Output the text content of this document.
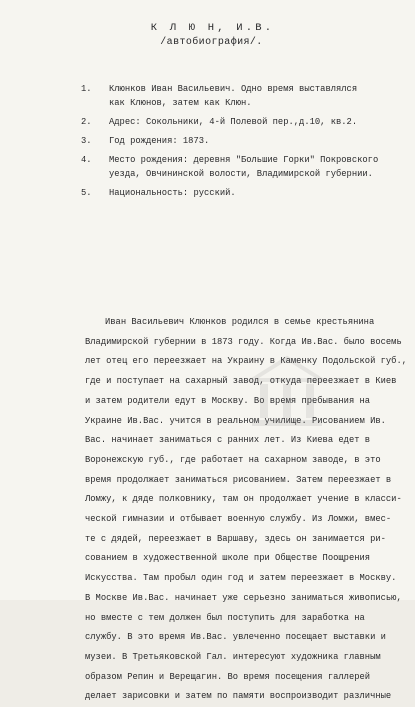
К Л Ю Н, И.В.
/автобиография/.
1. Клюнков Иван Васильевич. Одно время выставлялся
как Клюнов, затем как Клюн.
2. Адрес: Сокольники, 4-й Полевой пер.,д.10, кв.2.
3. Год рождения: 1873.
4. Место рождения: деревня "Большие Горки" Покровского
уезда, Овчининской волости, Владимирской губернии.
5. Национальность: русский.
Иван Васильевич Клюнков родился в семье крестьянина
Владимирской губернии в 1873 году. Когда Ив.Вас. было восемь
лет отец его переезжает на Украину в Каменку Подольской губ.,
где и поступает на сахарный завод, откуда переезжает в Киев
и затем родители едут в Москву. Во время пребывания на
Украине Ив.Вас. учится в реальном училище. Рисованием Ив.
Вас. начинает заниматься с ранних лет. Из Киева едет в
Воронежскую губ., где работает на сахарном заводе, в это
время продолжает заниматься рисованием. Затем переезжает в
Ломжу, к дяде полковнику, там он продолжает учение в класси-
ческой гимназии и отбывает военную службу. Из Ломжи, вмес-
те с дядей, переезжает в Варшаву, здесь он занимается ри-
сованием в художественной школе при Обществе Поощрения
Искусства. Там пробыл один год и затем переезжает в Москву.
В Москве Ив.Вас. начинает уже серьезно заниматься живописью,
но вместе с тем должен был поступить для заработка на
службу. В это время Ив.Вас. увлеченно посещает выставки и
музеи. В Третьяковской Гал. интересуют художника главным
образом Репин и Верещагин. Во время посещения галлерей
делает зарисовки и затем по памяти воспроизводит различные
